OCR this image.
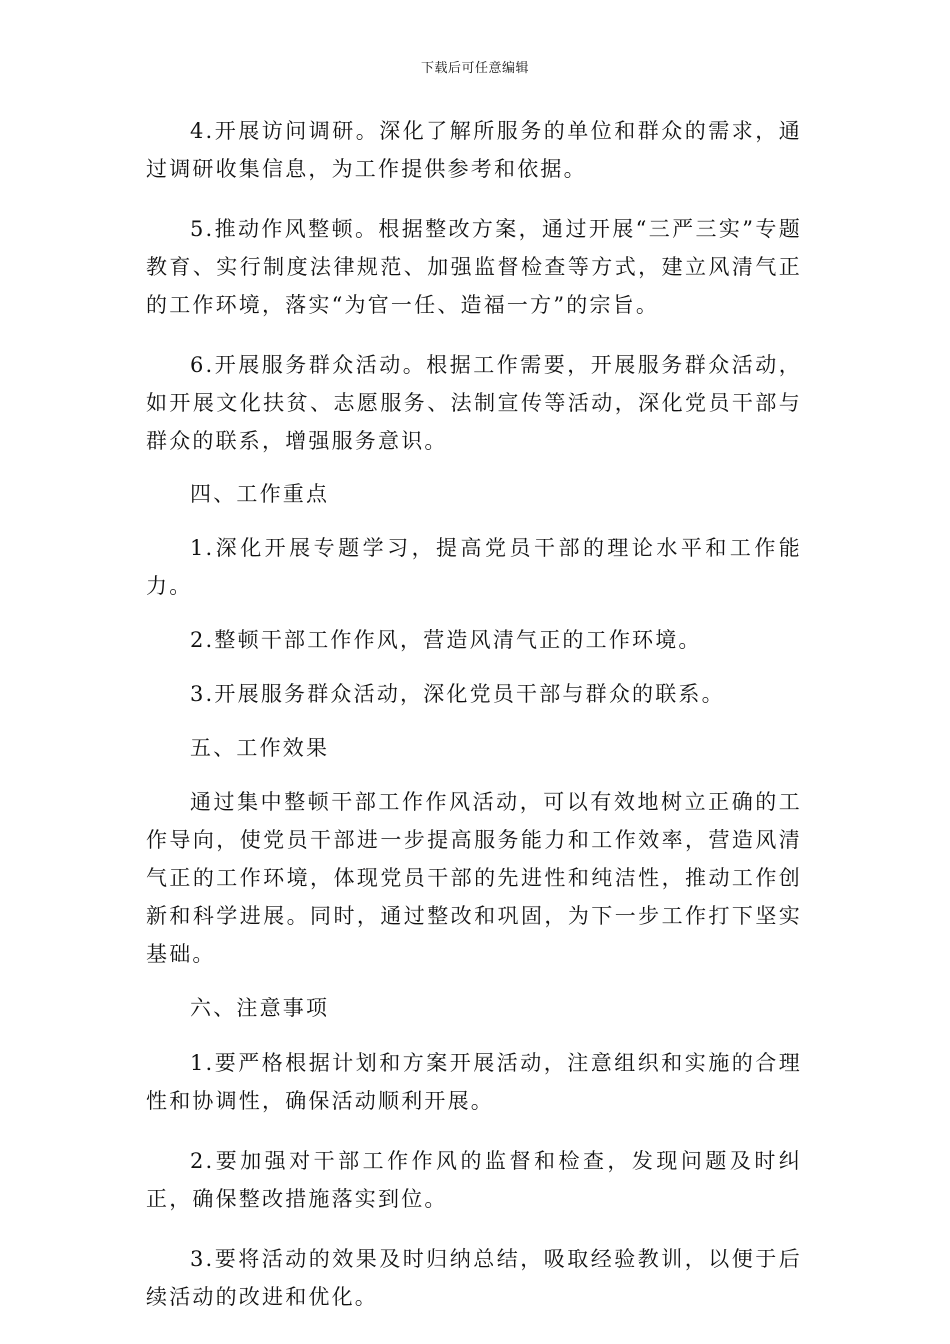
下载后可任意编辑

4.开展访问调研。深化了解所服务的单位和群众的需求，通过调研收集信息，为工作提供参考和依据。

5.推动作风整顿。根据整改方案，通过开展“三严三实”专题教育、实行制度法律规范、加强监督检查等方式，建立风清气正的工作环境，落实“为官一任、造福一方”的宗旨。

6.开展服务群众活动。根据工作需要，开展服务群众活动，如开展文化扶贫、志愿服务、法制宣传等活动，深化党员干部与群众的联系，增强服务意识。

四、工作重点

1.深化开展专题学习，提高党员干部的理论水平和工作能力。

2.整顿干部工作作风，营造风清气正的工作环境。

3.开展服务群众活动，深化党员干部与群众的联系。

五、工作效果

通过集中整顿干部工作作风活动，可以有效地树立正确的工作导向，使党员干部进一步提高服务能力和工作效率，营造风清气正的工作环境，体现党员干部的先进性和纯洁性，推动工作创新和科学进展。同时，通过整改和巩固，为下一步工作打下坚实基础。

六、注意事项

1.要严格根据计划和方案开展活动，注意组织和实施的合理性和协调性，确保活动顺利开展。

2.要加强对干部工作作风的监督和检查，发现问题及时纠正，确保整改措施落实到位。

3.要将活动的效果及时归纳总结，吸取经验教训，以便于后续活动的改进和优化。
